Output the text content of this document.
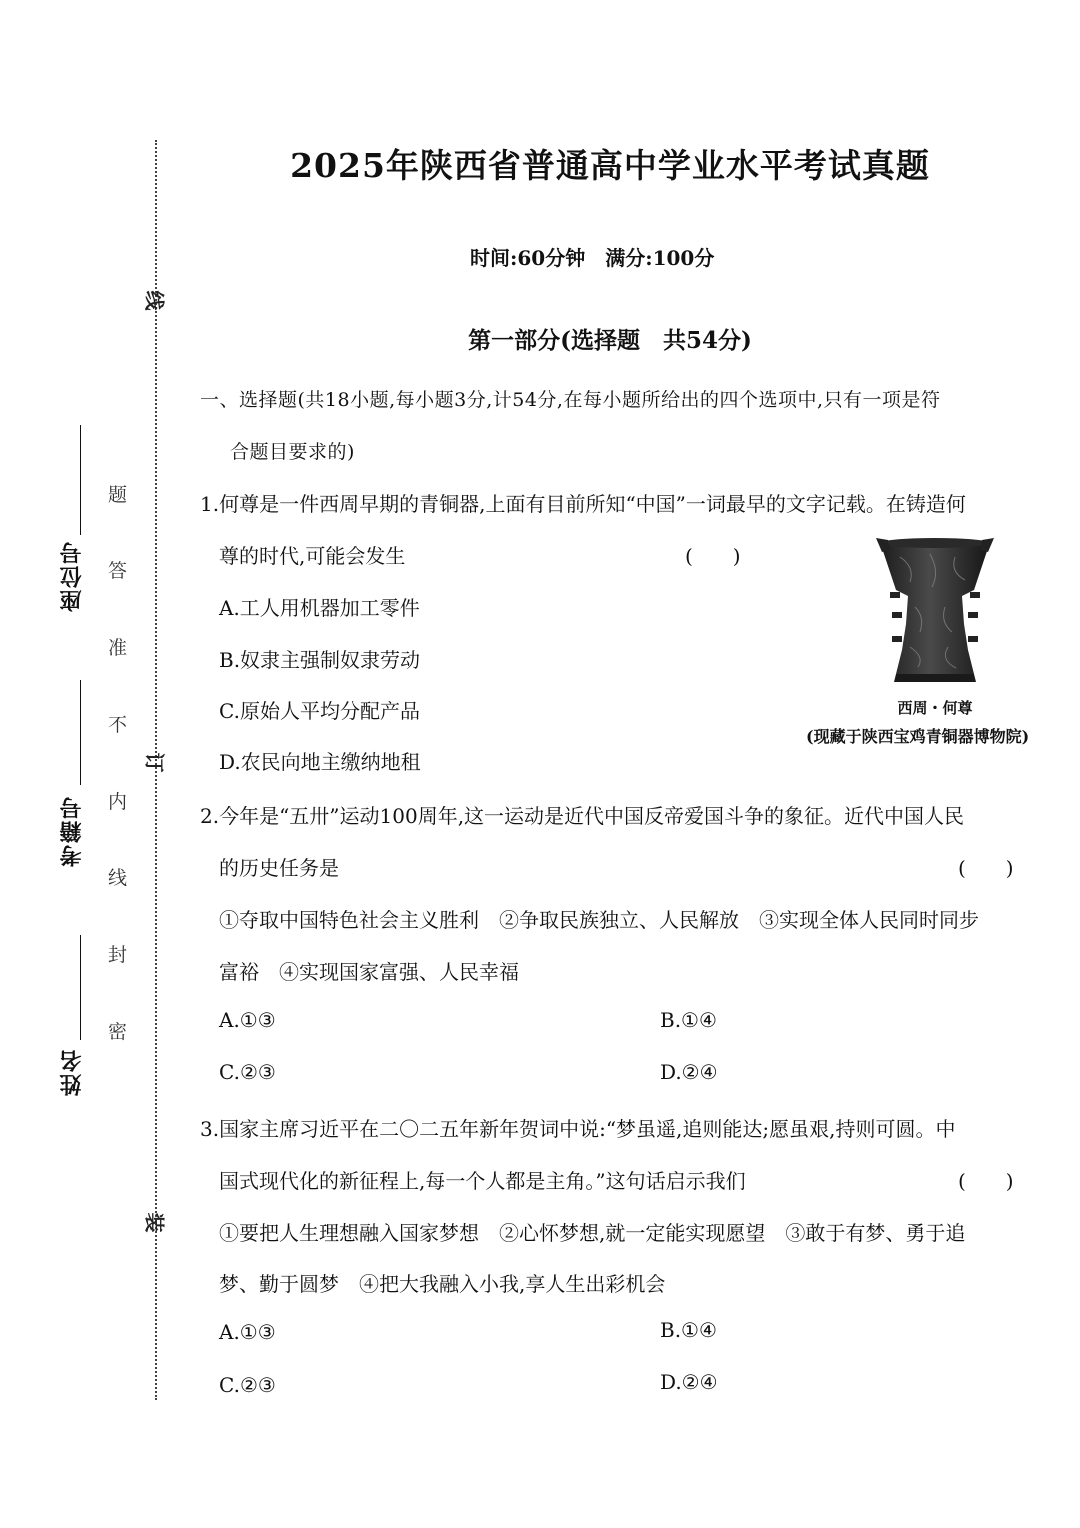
线
订
装
座位号
考籍号
姓名
题
答
准
不
内
线
封
密
2025年陕西省普通高中学业水平考试真题
时间:60分钟　满分:100分
第一部分(选择题　共54分)
一、选择题(共18小题,每小题3分,计54分,在每小题所给出的四个选项中,只有一项是符
合题目要求的)
1.何尊是一件西周早期的青铜器,上面有目前所知“中国”一词最早的文字记载。在铸造何
尊的时代,可能会发生	(　　)
A.工人用机器加工零件
B.奴隶主强制奴隶劳动
C.原始人平均分配产品
D.农民向地主缴纳地租
西周・何尊
(现藏于陕西宝鸡青铜器博物院)
2.今年是“五卅”运动100周年,这一运动是近代中国反帝爱国斗争的象征。近代中国人民
的历史任务是	(　　)
①夺取中国特色社会主义胜利　②争取民族独立、人民解放　③实现全体人民同时同步
富裕　④实现国家富强、人民幸福
A.①③	B.①④
C.②③	D.②④
3.国家主席习近平在二〇二五年新年贺词中说:“梦虽遥,追则能达;愿虽艰,持则可圆。中
国式现代化的新征程上,每一个人都是主角。”这句话启示我们	(　　)
①要把人生理想融入国家梦想　②心怀梦想,就一定能实现愿望　③敢于有梦、勇于追
梦、勤于圆梦　④把大我融入小我,享人生出彩机会
A.①③	B.①④
C.②③	D.②④
